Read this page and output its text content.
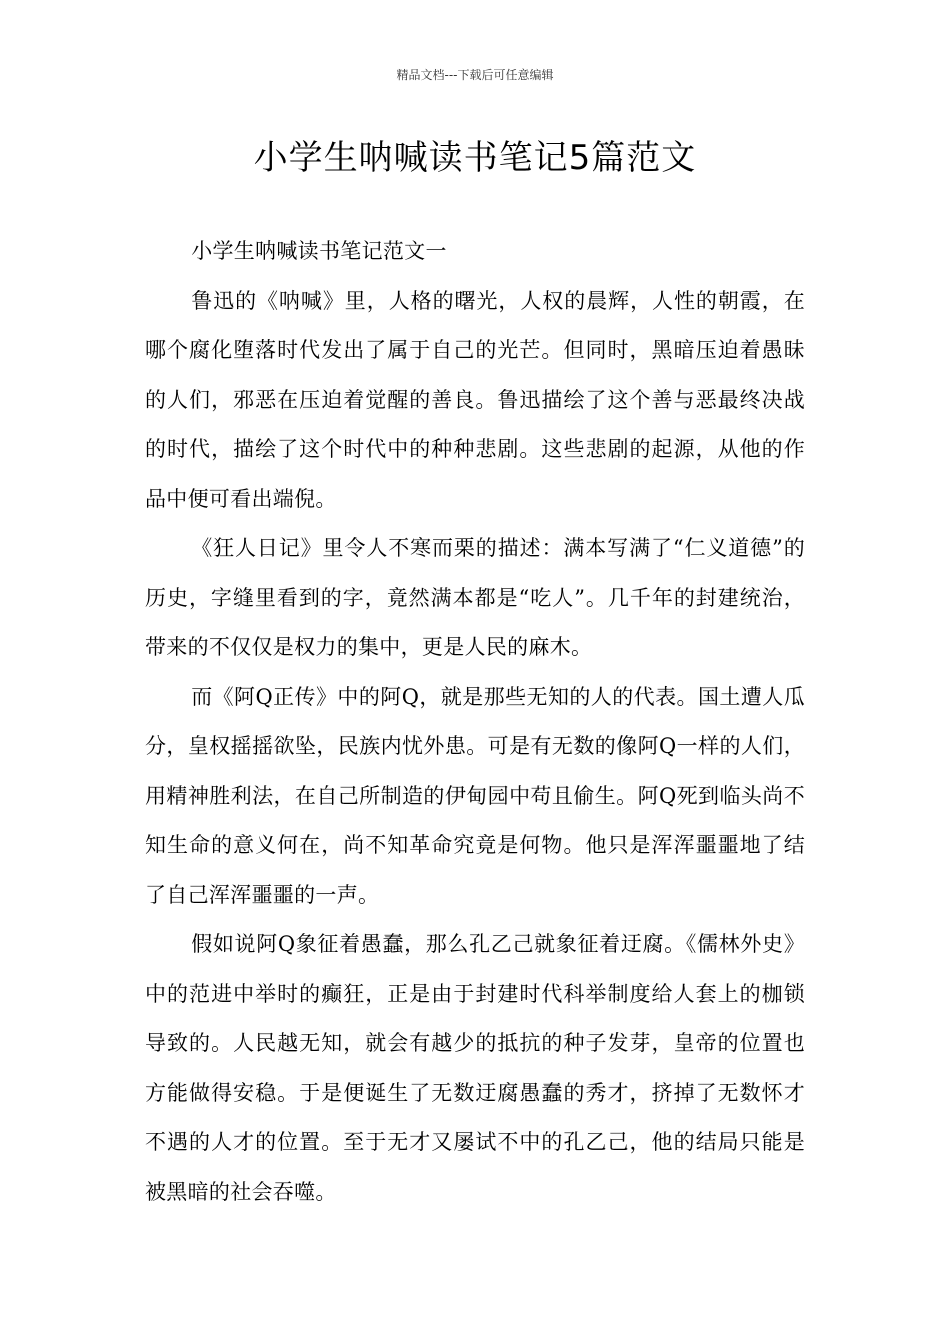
精品文档---下载后可任意编辑
小学生呐喊读书笔记5篇范文

小学生呐喊读书笔记范文一

鲁迅的《呐喊》里，人格的曙光，人权的晨辉，人性的朝霞，在哪个腐化堕落时代发出了属于自己的光芒。但同时，黑暗压迫着愚昧的人们，邪恶在压迫着觉醒的善良。鲁迅描绘了这个善与恶最终决战的时代，描绘了这个时代中的种种悲剧。这些悲剧的起源，从他的作品中便可看出端倪。

《狂人日记》里令人不寒而栗的描述：满本写满了“仁义道德”的历史，字缝里看到的字，竟然满本都是“吃人”。几千年的封建统治，带来的不仅仅是权力的集中，更是人民的麻木。

而《阿Q正传》中的阿Q，就是那些无知的人的代表。国土遭人瓜分，皇权摇摇欲坠，民族内忧外患。可是有无数的像阿Q一样的人们，用精神胜利法，在自己所制造的伊甸园中苟且偷生。阿Q死到临头尚不知生命的意义何在，尚不知革命究竟是何物。他只是浑浑噩噩地了结了自己浑浑噩噩的一声。

假如说阿Q象征着愚蠢，那么孔乙己就象征着迂腐。《儒林外史》中的范进中举时的癫狂，正是由于封建时代科举制度给人套上的枷锁导致的。人民越无知，就会有越少的抵抗的种子发芽，皇帝的位置也方能做得安稳。于是便诞生了无数迂腐愚蠢的秀才，挤掉了无数怀才不遇的人才的位置。至于无才又屡试不中的孔乙己，他的结局只能是被黑暗的社会吞噬。
